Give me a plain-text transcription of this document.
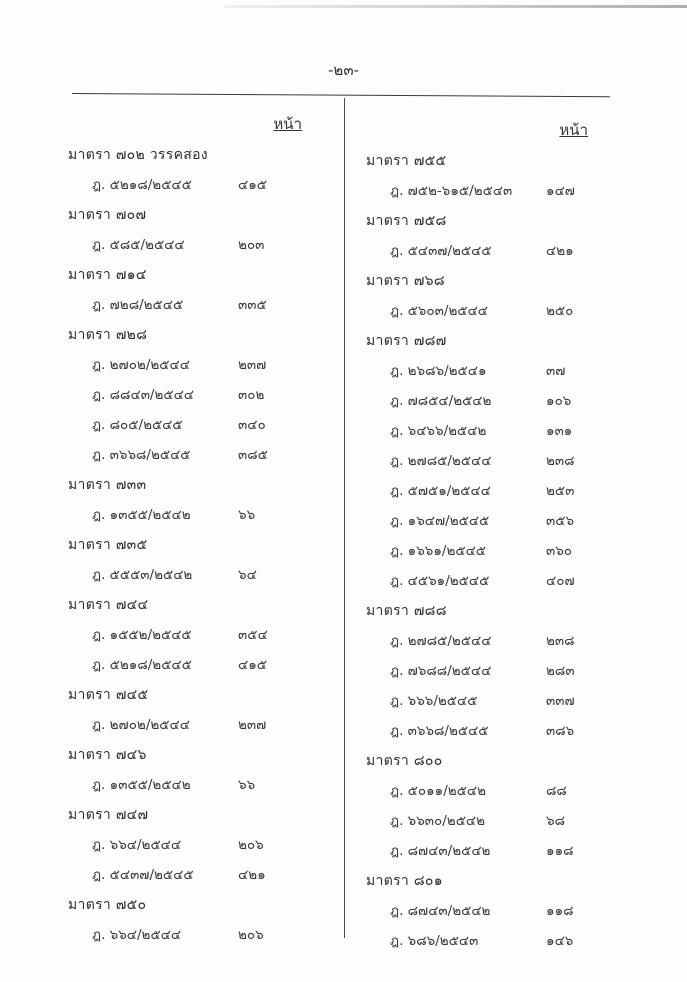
-๒๓-
หน้า
มาตรา ๗๐๒ วรรคสอง
ฎ. ๕๒๑๘/๒๕๔๕	๔๑๕
มาตรา ๗๐๗
ฎ. ๕๘๕/๒๕๔๔	๒๐๓
มาตรา ๗๑๔
ฎ. ๗๒๘/๒๕๔๕	๓๓๕
มาตรา ๗๒๘
ฎ. ๒๗๐๒/๒๕๔๔	๒๓๗
ฎ. ๘๘๔๓/๒๕๔๔	๓๐๒
ฎ. ๘๐๕/๒๕๔๕	๓๔๐
ฎ. ๓๖๖๘/๒๕๔๕	๓๘๕
มาตรา ๗๓๓
ฎ. ๑๓๕๕/๒๕๔๒	๖๖
มาตรา ๗๓๕
ฎ. ๕๕๕๓/๒๕๔๒	๖๔
มาตรา ๗๔๔
ฎ. ๑๕๕๒/๒๕๔๕	๓๕๔
ฎ. ๕๒๑๘/๒๕๔๕	๔๑๕
มาตรา ๗๔๕
ฎ. ๒๗๐๒/๒๕๔๔	๒๓๗
มาตรา ๗๔๖
ฎ. ๑๓๕๕/๒๕๔๒	๖๖
มาตรา ๗๔๗
ฎ. ๖๖๔/๒๕๔๔	๒๐๖
ฎ. ๕๔๓๗/๒๕๔๕	๔๒๑
มาตรา ๗๕๐
ฎ. ๖๖๔/๒๕๔๔	๒๐๖
หน้า
มาตรา ๗๕๕
ฎ. ๗๕๒-๖๑๕/๒๕๔๓	๑๔๗
มาตรา ๗๕๘
ฎ. ๕๔๓๗/๒๕๔๕	๔๒๑
มาตรา ๗๖๘
ฎ. ๕๖๐๓/๒๕๔๔	๒๕๐
มาตรา ๗๘๗
ฎ. ๒๖๘๖/๒๕๔๑	๓๗
ฎ. ๗๘๕๔/๒๕๔๒	๑๐๖
ฎ. ๖๔๖๖/๒๕๔๒	๑๓๑
ฎ. ๒๗๘๕/๒๕๔๔	๒๓๘
ฎ. ๕๗๕๑/๒๕๔๔	๒๕๓
ฎ. ๑๖๔๗/๒๕๔๕	๓๕๖
ฎ. ๑๖๖๑/๒๕๔๕	๓๖๐
ฎ. ๔๕๖๑/๒๕๔๕	๔๐๗
มาตรา ๗๘๘
ฎ. ๒๗๘๕/๒๕๔๔	๒๓๘
ฎ. ๗๖๘๘/๒๕๔๔	๒๘๓
ฎ. ๖๖๖/๒๕๔๕	๓๓๗
ฎ. ๓๖๖๘/๒๕๔๕	๓๘๖
มาตรา ๘๐๐
ฎ. ๕๐๑๑/๒๕๔๒	๘๘
ฎ. ๖๖๓๐/๒๕๔๒	๖๘
ฎ. ๘๗๔๓/๒๕๔๒	๑๑๘
มาตรา ๘๐๑
ฎ. ๘๗๔๓/๒๕๔๒	๑๑๘
ฎ. ๖๘๖/๒๕๔๓	๑๔๖
